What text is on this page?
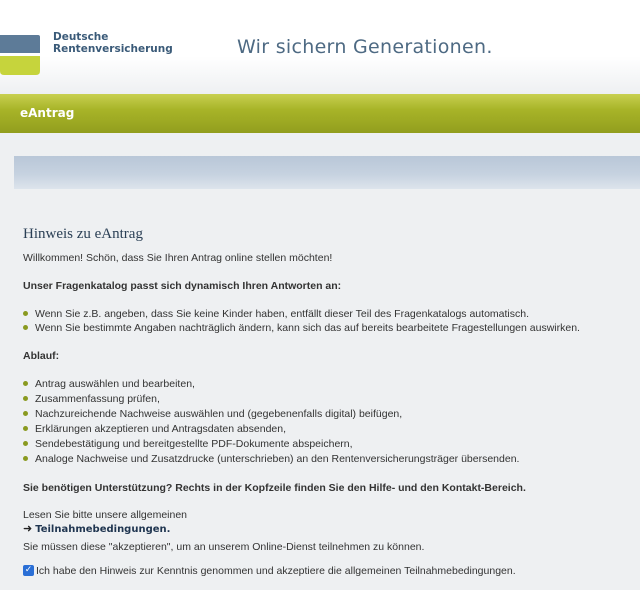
Deutsche
Rentenversicherung	Wir sichern Generationen.
eAntrag
Hinweis zu eAntrag
Willkommen! Schön, dass Sie Ihren Antrag online stellen möchten!
Unser Fragenkatalog passt sich dynamisch Ihren Antworten an:
Wenn Sie z.B. angeben, dass Sie keine Kinder haben, entfällt dieser Teil des Fragenkatalogs automatisch.
Wenn Sie bestimmte Angaben nachträglich ändern, kann sich das auf bereits bearbeitete Fragestellungen auswirken.
Ablauf:
Antrag auswählen und bearbeiten,
Zusammenfassung prüfen,
Nachzureichende Nachweise auswählen und (gegebenenfalls digital) beifügen,
Erklärungen akzeptieren und Antragsdaten absenden,
Sendebestätigung und bereitgestellte PDF-Dokumente abspeichern,
Analoge Nachweise und Zusatzdrucke (unterschrieben) an den Rentenversicherungsträger übersenden.
Sie benötigen Unterstützung? Rechts in der Kopfzeile finden Sie den Hilfe- und den Kontakt-Bereich.
Lesen Sie bitte unsere allgemeinen
➜ Teilnahmebedingungen.
Sie müssen diese "akzeptieren", um an unserem Online-Dienst teilnehmen zu können.
✓ Ich habe den Hinweis zur Kenntnis genommen und akzeptiere die allgemeinen Teilnahmebedingungen.
